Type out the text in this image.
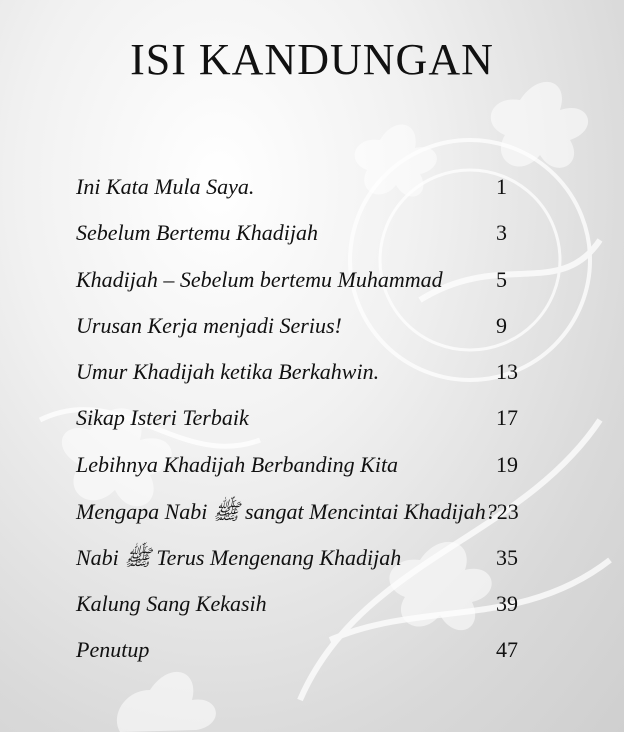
ISI KANDUNGAN
Ini Kata Mula Saya.	1
Sebelum Bertemu Khadijah	3
Khadijah – Sebelum bertemu Muhammad 5
Urusan Kerja menjadi Serius!	9
Umur Khadijah ketika Berkahwin.	13
Sikap Isteri Terbaik	17
Lebihnya Khadijah Berbanding Kita	19
Mengapa Nabi ﷺ sangat Mencintai Khadijah? 23
Nabi ﷺ Terus Mengenang Khadijah	35
Kalung Sang Kekasih	39
Penutup	47
